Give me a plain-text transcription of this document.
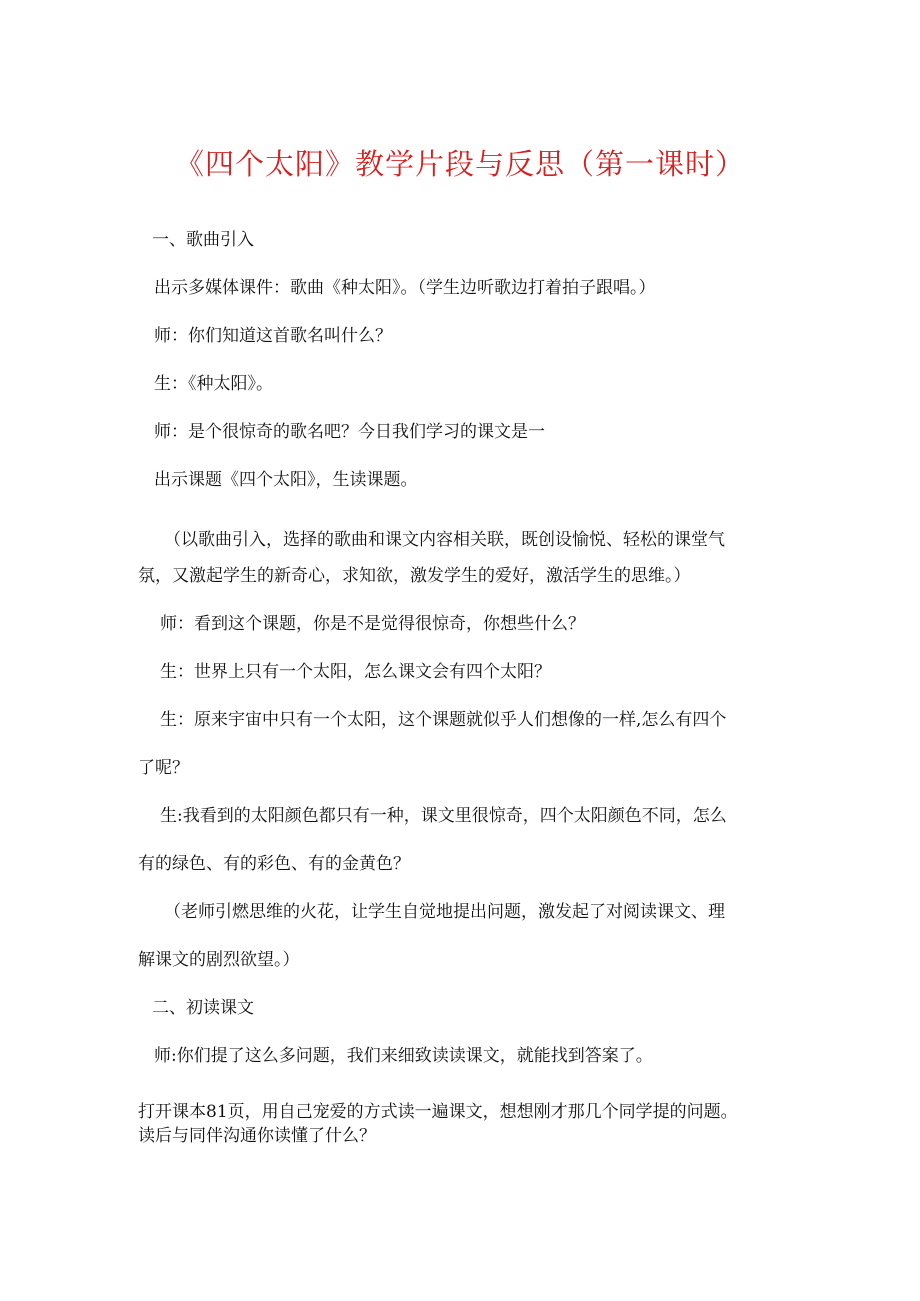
《四个太阳》教学片段与反思（第一课时）
一、歌曲引入
出示多媒体课件：歌曲《种太阳》。（学生边听歌边打着拍子跟唱。）
师：你们知道这首歌名叫什么？
生：《种太阳》。
师：是个很惊奇的歌名吧？今日我们学习的课文是一
出示课题《四个太阳》，生读课题。
（以歌曲引入，选择的歌曲和课文内容相关联，既创设愉悦、轻松的课堂气
氛，又激起学生的新奇心，求知欲，激发学生的爱好，激活学生的思维。）
师：看到这个课题，你是不是觉得很惊奇，你想些什么？
生：世界上只有一个太阳，怎么课文会有四个太阳？
生：原来宇宙中只有一个太阳，这个课题就似乎人们想像的一样,怎么有四个
了呢？
生:我看到的太阳颜色都只有一种，课文里很惊奇，四个太阳颜色不同，怎么
有的绿色、有的彩色、有的金黄色？
（老师引燃思维的火花，让学生自觉地提出问题，激发起了对阅读课文、理
解课文的剧烈欲望。）
二、初读课文
师:你们提了这么多问题，我们来细致读读课文，就能找到答案了。
打开课本81页，用自己宠爱的方式读一遍课文，想想刚才那几个同学提的问题。
读后与同伴沟通你读懂了什么？
